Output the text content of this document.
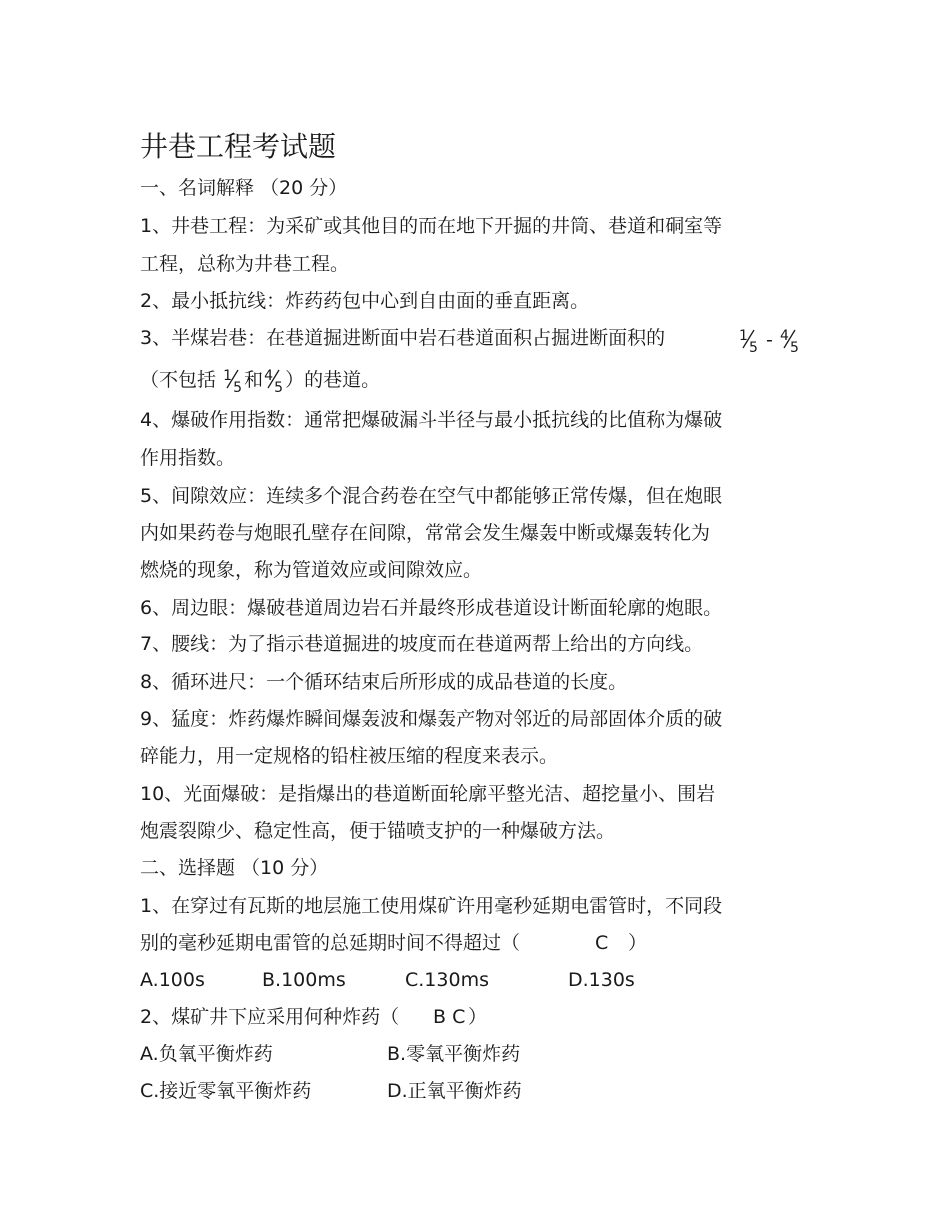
井巷工程考试题
一、名词解释 （20 分）
1、井巷工程：为采矿或其他目的而在地下开掘的井筒、巷道和硐室等
工程，总称为井巷工程。
2、最小抵抗线：炸药药包中心到自由面的垂直距离。
3、半煤岩巷：在巷道掘进断面中岩石巷道面积占掘进断面积的	1
5 - 4
5
（不包括 1
5 和 4
5 ）的巷道。
4、爆破作用指数：通常把爆破漏斗半径与最小抵抗线的比值称为爆破
作用指数。
5、间隙效应：连续多个混合药卷在空气中都能够正常传爆，但在炮眼
内如果药卷与炮眼孔壁存在间隙，常常会发生爆轰中断或爆轰转化为
燃烧的现象，称为管道效应或间隙效应。
6、周边眼：爆破巷道周边岩石并最终形成巷道设计断面轮廓的炮眼。
7、腰线：为了指示巷道掘进的坡度而在巷道两帮上给出的方向线。
8、循环进尺：一个循环结束后所形成的成品巷道的长度。
9、猛度：炸药爆炸瞬间爆轰波和爆轰产物对邻近的局部固体介质的破
碎能力，用一定规格的铅柱被压缩的程度来表示。
10、光面爆破：是指爆出的巷道断面轮廓平整光洁、超挖量小、围岩
炮震裂隙少、稳定性高，便于锚喷支护的一种爆破方法。
二、选择题 （10 分）
1、在穿过有瓦斯的地层施工使用煤矿许用毫秒延期电雷管时，不同段
别的毫秒延期电雷管的总延期时间不得超过（	C ）
A.100s	B.100ms	C.130ms	D.130s
2、煤矿井下应采用何种炸药（ B C ）
A.负氧平衡炸药	B.零氧平衡炸药
C.接近零氧平衡炸药	D.正氧平衡炸药
